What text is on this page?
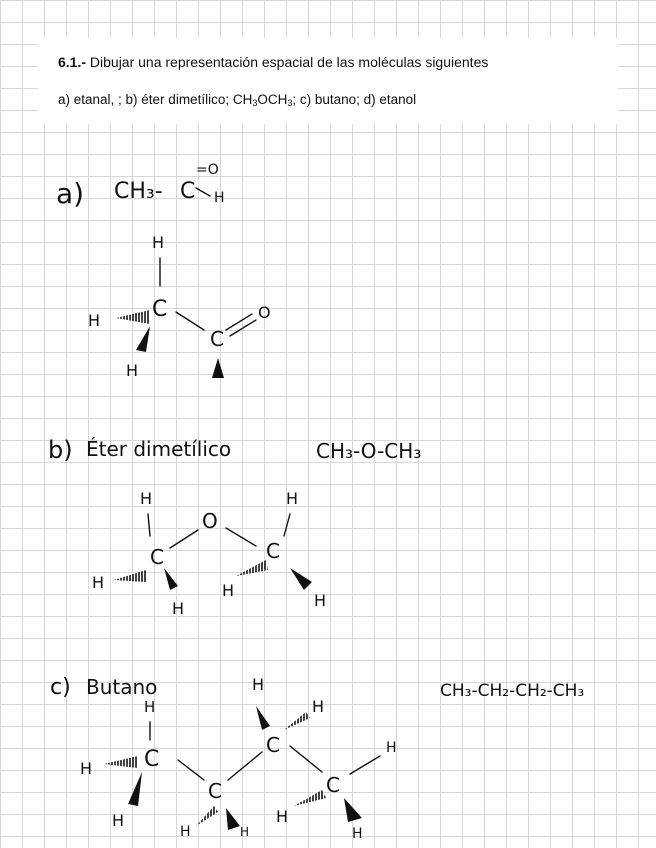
6.1.- Dibujar una representación espacial de las moléculas siguientes
a) etanal, ; b) éter dimetílico; $CH_3OCH_3$; c) butano; d) etanol
a) CH₃- C
=O
H
H
C
H
H
C
O
b) Éter dimetílico	CH₃-O-CH₃
H
O
C
H
H
H
C
H
H
c) Butano	CH₃-CH₂-CH₂-CH₃
H
C
H
H
C
H	H
C
H
H
C
H
H
H
